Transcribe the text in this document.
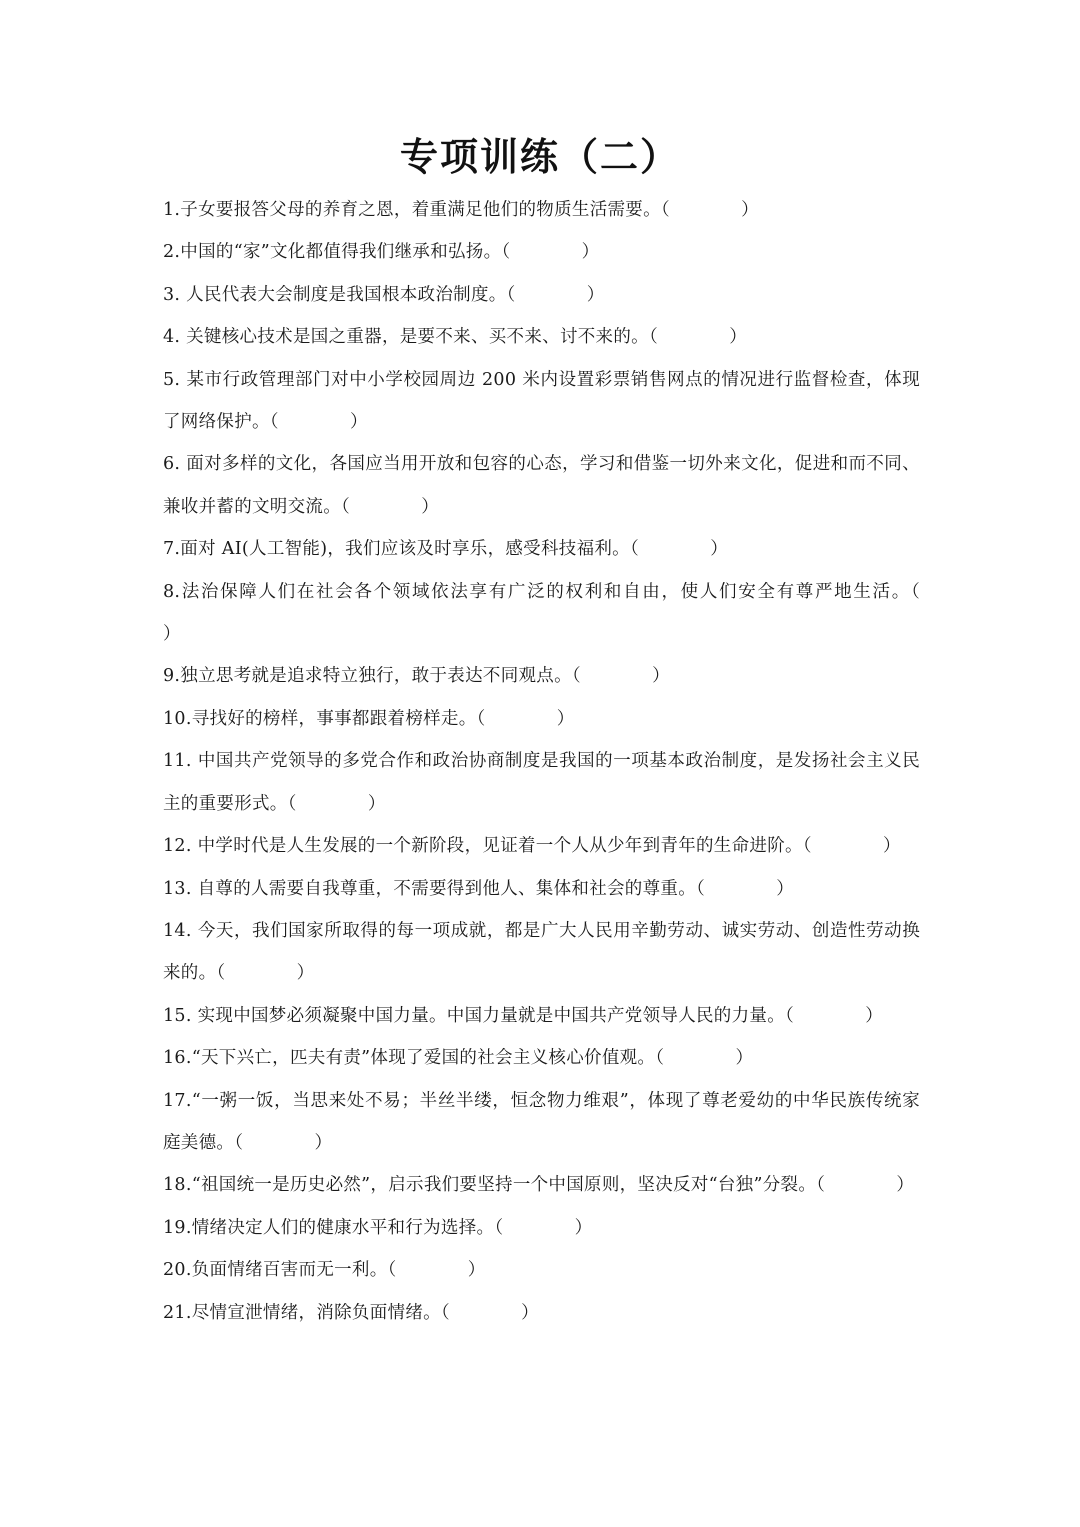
专项训练（二）
1.子女要报答父母的养育之恩，着重满足他们的物质生活需要。（　　　　）
2.中国的“家”文化都值得我们继承和弘扬。（　　　　）
3. 人民代表大会制度是我国根本政治制度。（　　　　）
4. 关键核心技术是国之重器，是要不来、买不来、讨不来的。（　　　　）
5. 某市行政管理部门对中小学校园周边 200 米内设置彩票销售网点的情况进行监督检查，体现了网络保护。（　　　　）
6. 面对多样的文化，各国应当用开放和包容的心态，学习和借鉴一切外来文化，促进和而不同、兼收并蓄的文明交流。（　　　　）
7.面对 AI(人工智能)，我们应该及时享乐，感受科技福利。（　　　　）
8.法治保障人们在社会各个领域依法享有广泛的权利和自由，使人们安全有尊严地生活。（　　　　）
9.独立思考就是追求特立独行，敢于表达不同观点。（　　　　）
10.寻找好的榜样，事事都跟着榜样走。（　　　　）
11. 中国共产党领导的多党合作和政治协商制度是我国的一项基本政治制度，是发扬社会主义民主的重要形式。（　　　　）
12. 中学时代是人生发展的一个新阶段，见证着一个人从少年到青年的生命进阶。（　　　　）
13. 自尊的人需要自我尊重，不需要得到他人、集体和社会的尊重。（　　　　）
14. 今天，我们国家所取得的每一项成就，都是广大人民用辛勤劳动、诚实劳动、创造性劳动换来的。（　　　　）
15. 实现中国梦必须凝聚中国力量。中国力量就是中国共产党领导人民的力量。（　　　　）
16.“天下兴亡，匹夫有责”体现了爱国的社会主义核心价值观。（　　　　）
17.“一粥一饭，当思来处不易；半丝半缕，恒念物力维艰”，体现了尊老爱幼的中华民族传统家庭美德。（　　　　）
18.“祖国统一是历史必然”，启示我们要坚持一个中国原则，坚决反对“台独”分裂。（　　　　）
19.情绪决定人们的健康水平和行为选择。（　　　　）
20.负面情绪百害而无一利。（　　　　）
21.尽情宣泄情绪，消除负面情绪。（　　　　）
